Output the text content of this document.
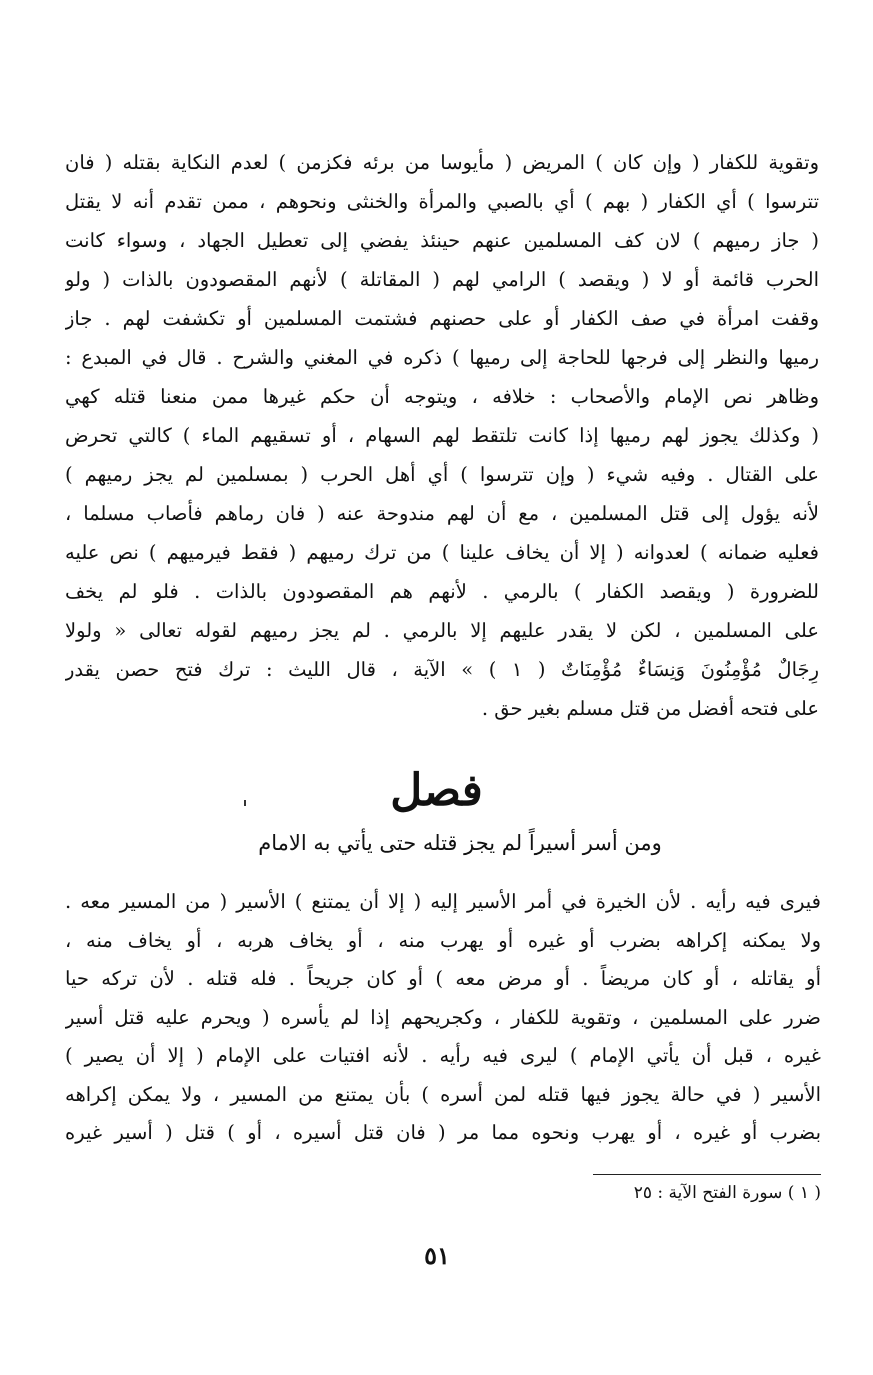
وتقوية للكفار ( وإن كان ) المريض ( مأيوسا من برئه فكزمن ) لعدم النكاية بقتله ( فان
تترسوا ) أي الكفار ( بهم ) أي بالصبي والمرأة والخنثى ونحوهم ، ممن تقدم أنه لا يقتل
( جاز رميهم ) لان كف المسلمين عنهم حينئذ يفضي إلى تعطيل الجهاد ، وسواء كانت
الحرب قائمة أو لا ( ويقصد ) الرامي لهم ( المقاتلة ) لأنهم المقصودون بالذات ( ولو
وقفت امرأة في صف الكفار أو على حصنهم فشتمت المسلمين أو تكشفت لهم . جاز
رميها والنظر إلى فرجها للحاجة إلى رميها ) ذكره في المغني والشرح . قال في المبدع :
وظاهر نص الإمام والأصحاب : خلافه ، ويتوجه أن حكم غيرها ممن منعنا قتله كهي
( وكذلك يجوز لهم رميها إذا كانت تلتقط لهم السهام ، أو تسقيهم الماء ) كالتي تحرض
على القتال . وفيه شيء ( وإن تترسوا ) أي أهل الحرب ( بمسلمين لم يجز رميهم )
لأنه يؤول إلى قتل المسلمين ، مع أن لهم مندوحة عنه ( فان رماهم فأصاب مسلما ،
فعليه ضمانه ) لعدوانه ( إلا أن يخاف علينا ) من ترك رميهم ( فقط فيرميهم ) نص عليه
للضرورة ( ويقصد الكفار ) بالرمي . لأنهم هم المقصودون بالذات . فلو لم يخف
على المسلمين ، لكن لا يقدر عليهم إلا بالرمي . لم يجز رميهم لقوله تعالى « ولولا
رِجَالٌ مُؤْمِنُونَ وَنِسَاءٌ مُؤْمِنَاتٌ ( ١ ) » الآية ، قال الليث : ترك فتح حصن يقدر
على فتحه أفضل من قتل مسلم بغير حق .
فصل
ومن أسر أسيراً لم يجز قتله حتى يأتي به الامام
فيرى فيه رأيه . لأن الخيرة في أمر الأسير إليه ( إلا أن يمتنع ) الأسير ( من المسير معه .
ولا يمكنه إكراهه بضرب أو غيره أو يهرب منه ، أو يخاف هربه ، أو يخاف منه ،
أو يقاتله ، أو كان مريضاً . أو مرض معه ) أو كان جريحاً . فله قتله . لأن تركه حيا
ضرر على المسلمين ، وتقوية للكفار ، وكجريحهم إذا لم يأسره ( ويحرم عليه قتل أسير
غيره ، قبل أن يأتي الإمام ) ليرى فيه رأيه . لأنه افتيات على الإمام ( إلا أن يصير )
الأسير ( في حالة يجوز فيها قتله لمن أسره ) بأن يمتنع من المسير ، ولا يمكن إكراهه
بضرب أو غيره ، أو يهرب ونحوه مما مر ( فان قتل أسيره ، أو ) قتل ( أسير غيره
( ١ ) سورة الفتح الآية : ٢٥
٥١
